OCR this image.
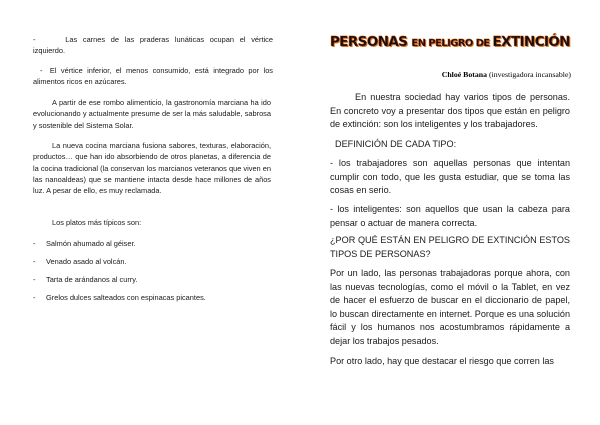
-	Las carnes de las praderas lunáticas ocupan el vértice izquierdo.
- El vértice inferior, el menos consumido, está integrado por los alimentos ricos en azúcares.

A partir de ese rombo alimenticio, la gastronomía marciana ha ido evolucionando y actualmente presume de ser la más saludable, sabrosa y sostenible del Sistema Solar.

La nueva cocina marciana fusiona sabores, texturas, elaboración, productos… que han ido absorbiendo de otros planetas, a diferencia de la cocina tradicional (la conservan los marcianos veteranos que viven en las nanoaldeas) que se mantiene intacta desde hace millones de años luz. A pesar de ello, es muy reclamada.

Los platos más típicos son:

- Salmón ahumado al géiser.
- Venado asado al volcán.
- Tarta de arándanos al curry.
- Grelos dulces salteados con espinacas picantes.
PERSONAS EN PELIGRO DE EXTINCIÓN
Chloé Botana (investigadora incansable)

En nuestra sociedad hay varios tipos de personas. En concreto voy a presentar dos tipos que están en peligro de extinción: son los inteligentes y los trabajadores.

DEFINICIÓN DE CADA TIPO:

- los trabajadores son aquellas personas que intentan cumplir con todo, que les gusta estudiar, que se toma las cosas en serio.

- los inteligentes: son aquellos que usan la cabeza para pensar o actuar de manera correcta.

¿POR QUÉ ESTÁN EN PELIGRO DE EXTINCIÓN ESTOS TIPOS DE PERSONAS?

Por un lado, las personas trabajadoras porque ahora, con las nuevas tecnologías, como el móvil o la Tablet, en vez de hacer el esfuerzo de buscar en el diccionario de papel, lo buscan directamente en internet. Porque es una solución fácil y los humanos nos acostumbramos rápidamente a dejar los trabajos pesados.

Por otro lado, hay que destacar el riesgo que corren las
